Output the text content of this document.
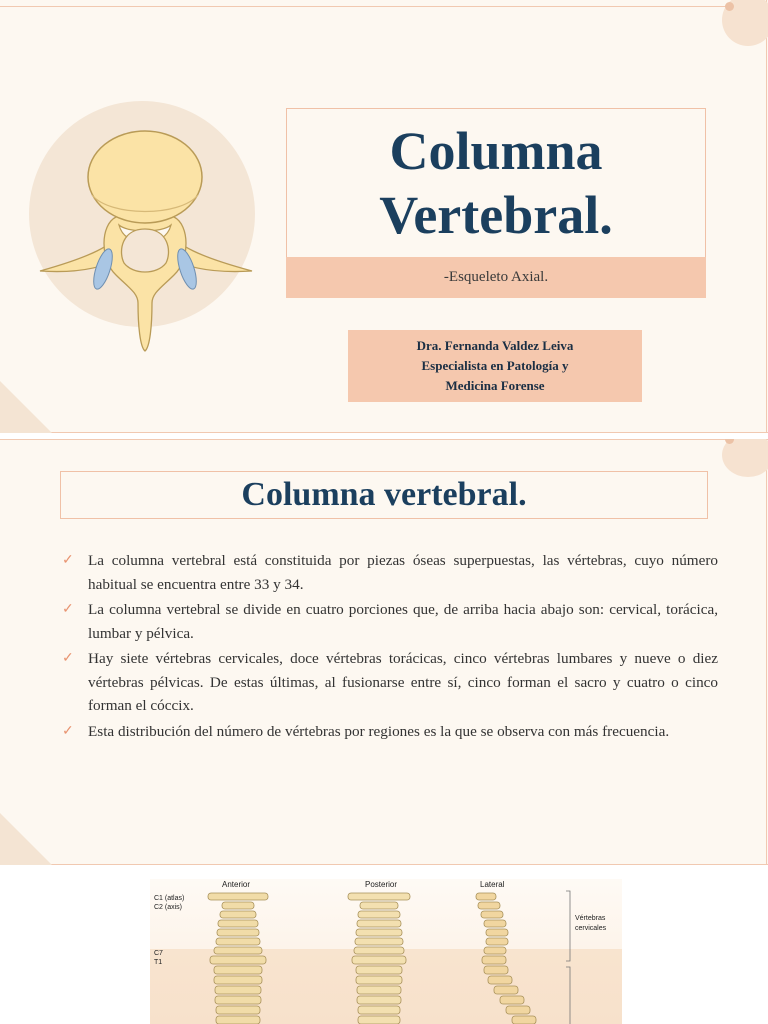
Columna
Vertebral.
-Esqueleto Axial.
Dra. Fernanda Valdez Leiva
Especialista en Patología y
Medicina Forense
Columna vertebral.
✓ La columna vertebral está constituida por piezas óseas superpuestas, las vértebras, cuyo número habitual se encuentra entre 33 y 34.
✓ La columna vertebral se divide en cuatro porciones que, de arriba hacia abajo son: cervical, torácica, lumbar y pélvica.
✓ Hay siete vértebras cervicales, doce vértebras torácicas, cinco vértebras lumbares y nueve o diez vértebras pélvicas. De estas últimas, al fusionarse entre sí, cinco forman el sacro y cuatro o cinco forman el cóccix.
✓ Esta distribución del número de vértebras por regiones es la que se observa con más frecuencia.
Anterior	Posterior	Lateral
C1 (atlas)
C2 (axis)
C7
T1
Vértebras
cervicales
